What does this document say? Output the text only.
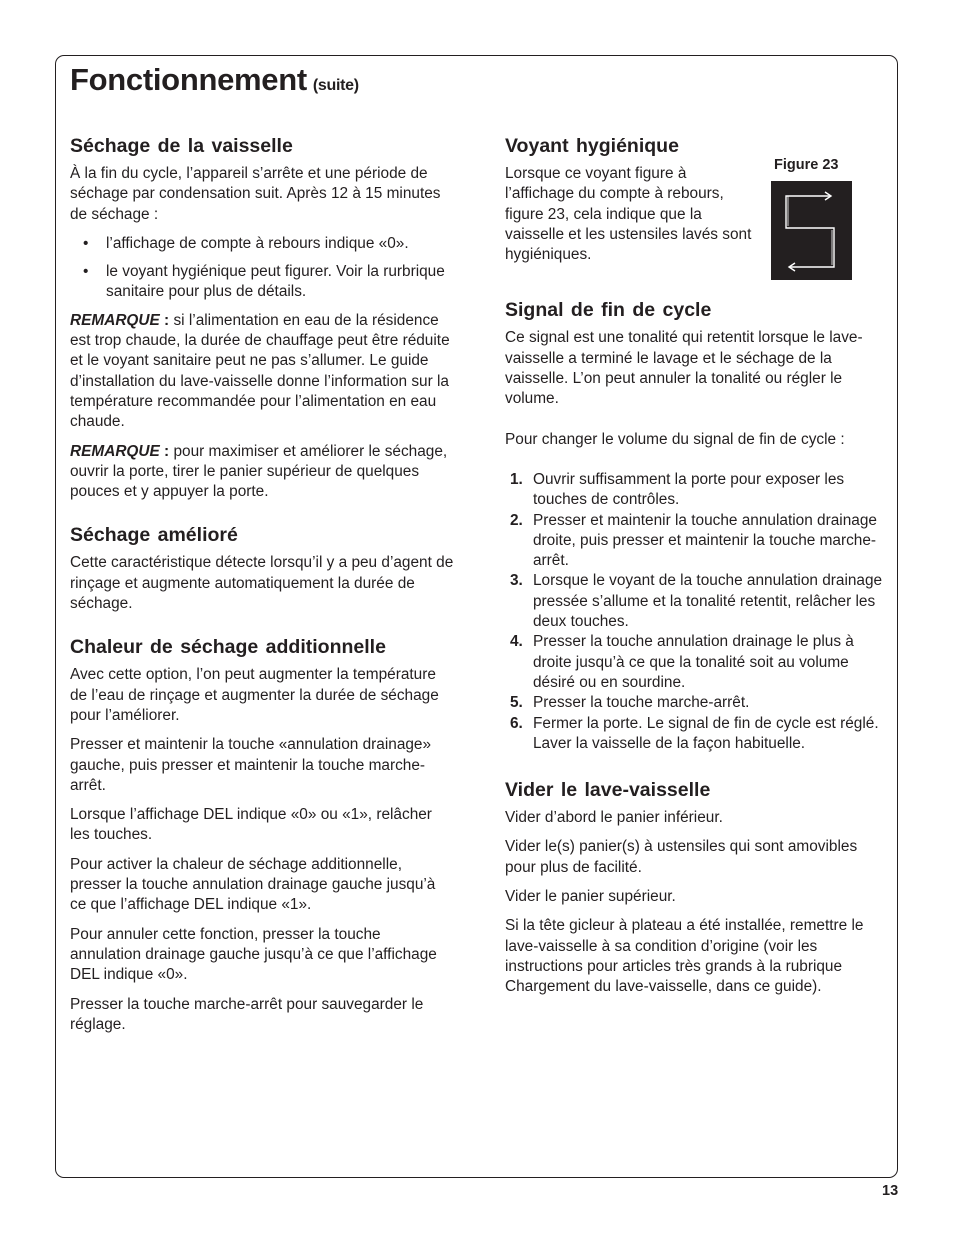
Fonctionnement (suite)
Séchage de la vaisselle

À la fin du cycle, l’appareil s’arrête et une période de séchage par condensation suit. Après 12 à 15 minutes de séchage :

• l’affichage de compte à rebours indique «0».
• le voyant hygiénique peut figurer. Voir la rurbrique sanitaire pour plus de détails.

REMARQUE : si l’alimentation en eau de la résidence est trop chaude, la durée de chauffage peut être réduite et le voyant sanitaire peut ne pas s’allumer. Le guide d’installation du lave-vaisselle donne l’information sur la température recommandée pour l’alimentation en eau chaude.

REMARQUE : pour maximiser et améliorer le séchage, ouvrir la porte, tirer le panier supérieur de quelques pouces et y appuyer la porte.

Séchage amélioré

Cette caractéristique détecte lorsqu’il y a peu d’agent de rinçage et augmente automatiquement la durée de séchage.

Chaleur de séchage additionnelle

Avec cette option, l’on peut augmenter la température de l’eau de rinçage et augmenter la durée de séchage pour l’améliorer.

Presser et maintenir la touche «annulation drainage» gauche, puis presser et maintenir la touche marche-arrêt.

Lorsque l’affichage DEL indique «0» ou «1», relâcher les touches.

Pour activer la chaleur de séchage additionnelle, presser la touche annulation drainage gauche jusqu’à ce que l’affichage DEL indique «1».

Pour annuler cette fonction, presser la touche annulation drainage gauche jusqu’à ce que l’affichage DEL indique «0».

Presser la touche marche-arrêt pour sauvegarder le réglage.

Voyant hygiénique

Lorsque ce voyant figure à l’affichage du compte à rebours, figure 23, cela indique que la vaisselle et les ustensiles lavés sont hygiéniques.

Signal de fin de cycle

Ce signal est une tonalité qui retentit lorsque le lave-vaisselle a terminé le lavage et le séchage de la vaisselle. L’on peut annuler la tonalité ou régler le volume.

Pour changer le volume du signal de fin de cycle :

1. Ouvrir suffisamment la porte pour exposer les touches de contrôles.
2. Presser et maintenir la touche annulation drainage droite, puis presser et maintenir la touche marche-arrêt.
3. Lorsque le voyant de la touche annulation drainage pressée s’allume et la tonalité retentit, relâcher les deux touches.
4. Presser la touche annulation drainage le plus à droite jusqu’à ce que la tonalité soit au volume désiré ou en sourdine.
5. Presser la touche marche-arrêt.
6. Fermer la porte. Le signal de fin de cycle est réglé. Laver la vaisselle de la façon habituelle.
Vider le lave-vaisselle

Vider d’abord le panier inférieur.

Vider le(s) panier(s) à ustensiles qui sont amovibles pour plus de facilité.

Vider le panier supérieur.

Si la tête gicleur à plateau a été installée, remettre le lave-vaisselle à sa condition d’origine (voir les instructions pour articles très grands à la rubrique Chargement du lave-vaisselle, dans ce guide).

Figure 23
13
